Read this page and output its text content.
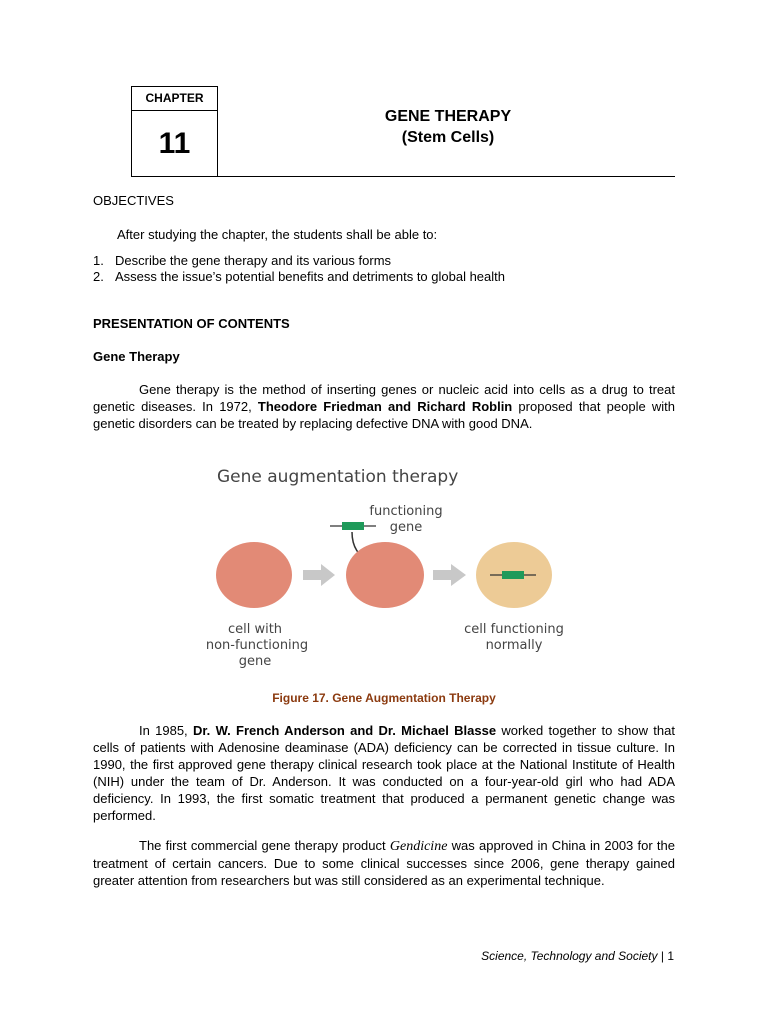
CHAPTER
11
GENE THERAPY
(Stem Cells)
OBJECTIVES
After studying the chapter, the students shall be able to:
1. Describe the gene therapy and its various forms
2. Assess the issue’s potential benefits and detriments to global health
PRESENTATION OF CONTENTS
Gene Therapy
Gene therapy is the method of inserting genes or nucleic acid into cells as a drug to treat genetic diseases. In 1972, Theodore Friedman and Richard Roblin proposed that people with genetic disorders can be treated by replacing defective DNA with good DNA.
Gene augmentation therapy
functioning
gene
cell with
non-functioning
gene
cell functioning
normally
Figure 17. Gene Augmentation Therapy
In 1985, Dr. W. French Anderson and Dr. Michael Blasse worked together to show that cells of patients with Adenosine deaminase (ADA) deficiency can be corrected in tissue culture. In 1990, the first approved gene therapy clinical research took place at the National Institute of Health (NIH) under the team of Dr. Anderson. It was conducted on a four-year-old girl who had ADA deficiency. In 1993, the first somatic treatment that produced a permanent genetic change was performed.
The first commercial gene therapy product Gendicine was approved in China in 2003 for the treatment of certain cancers. Due to some clinical successes since 2006, gene therapy gained greater attention from researchers but was still considered as an experimental technique.
Science, Technology and Society | 1
